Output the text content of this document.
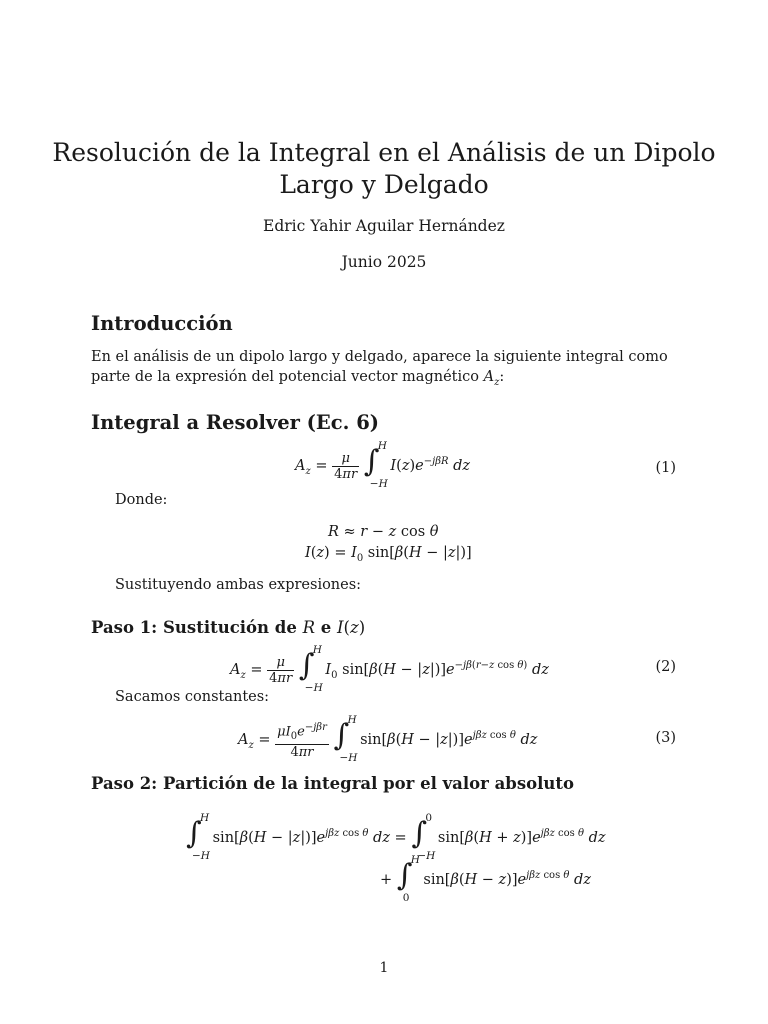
Resolución de la Integral en el Análisis de un Dipolo
Largo y Delgado
Edric Yahir Aguilar Hernández
Junio 2025
Introducción
En el análisis de un dipolo largo y delgado, aparece la siguiente integral como parte de la expresión del potencial vector magnético $A_z$:
Integral a Resolver (Ec. 6)
$A_z = \frac{\mu}{4\pi r}$
∫
H
−H
$I(z)e^{-j\beta R}$ dz	(1)
Donde:
R ≈ r − z cos θ
$I(z) = I_0$ sin[β(H − |z|)]
Sustituyendo ambas expresiones:
Paso 1: Sustitución de R e I(z)
$A_z = \frac{\mu}{4\pi r}$
∫
H
−H
$I_0$ $\sin[\beta(H - |z|)]e^{-j\beta(r-z cos \theta)}$ dz	(2)
Sacamos constantes:
$A_z = \frac{\mu I_0e^{-j\beta r}}{4\pi r}$
∫
H
−H
$\sin[\beta(H - |z|)]e^{j\beta z cos \theta}$ dz	(3)
Paso 2: Partición de la integral por el valor absoluto
∫
H
−H
$\sin[\beta(H - |z|)]e^{j\beta z cos \theta}$ dz = ∫
0
−H
$\sin[\beta(H + z)]e^{j\beta z cos \theta}$ dz
+ ∫
H
0
$\sin[\beta(H - z)]e^{j\beta z cos \theta}$ dz
1
